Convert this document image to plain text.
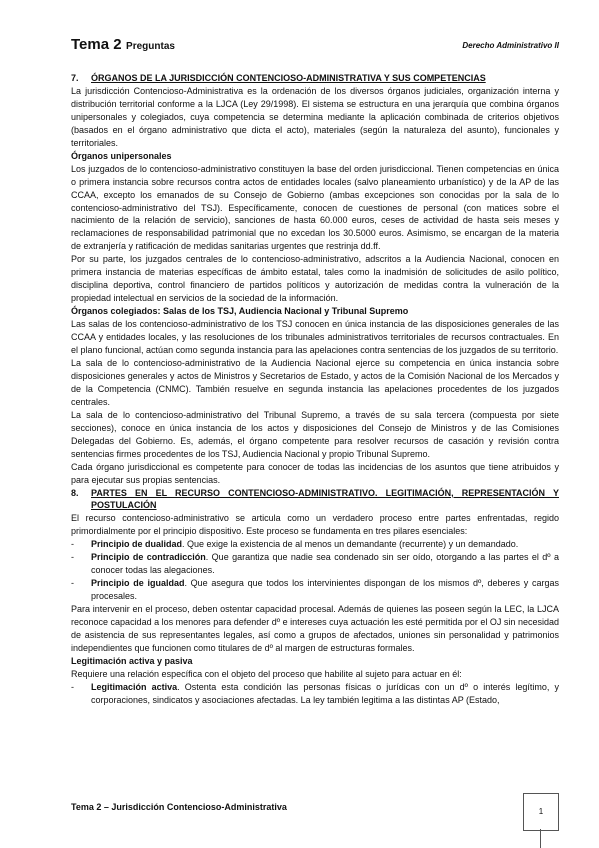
Tema 2 Preguntas	Derecho Administrativo II

7. ÓRGANOS DE LA JURISDICCIÓN CONTENCIOSO-ADMINISTRATIVA Y SUS COMPETENCIAS

La jurisdicción Contencioso-Administrativa es la ordenación de los diversos órganos judiciales, organización interna y distribución territorial conforme a la LJCA (Ley 29/1998). El sistema se estructura en una jerarquía que combina órganos unipersonales y colegiados, cuya competencia se determina mediante la aplicación combinada de criterios objetivos (basados en el órgano administrativo que dicta el acto), materiales (según la naturaleza del asunto), funcionales y territoriales.

Órganos unipersonales

Los juzgados de lo contencioso-administrativo constituyen la base del orden jurisdiccional. Tienen competencias en única o primera instancia sobre recursos contra actos de entidades locales (salvo planeamiento urbanístico) y de la AP de las CCAA, excepto los emanados de su Consejo de Gobierno (ambas excepciones son conocidas por la sala de lo contencioso-administrativo del TSJ). Específicamente, conocen de cuestiones de personal (con matices sobre el nacimiento de la relación de servicio), sanciones de hasta 60.000 euros, ceses de actividad de hasta seis meses y reclamaciones de responsabilidad patrimonial que no excedan los 30.5000 euros. Asimismo, se encargan de la materia de extranjería y ratificación de medidas sanitarias urgentes que restrinja dd.ff.

Por su parte, los juzgados centrales de lo contencioso-administrativo, adscritos a la Audiencia Nacional, conocen en primera instancia de materias específicas de ámbito estatal, tales como la inadmisión de solicitudes de asilo político, disciplina deportiva, control financiero de partidos políticos y autorización de medidas contra la vulneración de la propiedad intelectual en servicios de la sociedad de la información.

Órganos colegiados: Salas de los TSJ, Audiencia Nacional y Tribunal Supremo

Las salas de los contencioso-administrativo de los TSJ conocen en única instancia de las disposiciones generales de las CCAA y entidades locales, y las resoluciones de los tribunales administrativos territoriales de recursos contractuales. En el plano funcional, actúan como segunda instancia para las apelaciones contra sentencias de los juzgados de su territorio.

La sala de lo contencioso-administrativo de la Audiencia Nacional ejerce su competencia en única instancia sobre disposiciones generales y actos de Ministros y Secretarios de Estado, y actos de la Comisión Nacional de los Mercados y de la Competencia (CNMC). También resuelve en segunda instancia las apelaciones procedentes de los juzgados centrales.

La sala de lo contencioso-administrativo del Tribunal Supremo, a través de su sala tercera (compuesta por siete secciones), conoce en única instancia de los actos y disposiciones del Consejo de Ministros y de las Comisiones Delegadas del Gobierno. Es, además, el órgano competente para resolver recursos de casación y revisión contra sentencias firmes procedentes de los TSJ, Audiencia Nacional y propio Tribunal Supremo.

Cada órgano jurisdiccional es competente para conocer de todas las incidencias de los asuntos que tiene atribuidos y para ejecutar sus propias sentencias.

8.	PARTES EN EL RECURSO CONTENCIOSO-ADMINISTRATIVO. LEGITIMACIÓN, REPRESENTACIÓN Y POSTULACIÓN

El recurso contencioso-administrativo se articula como un verdadero proceso entre partes enfrentadas, regido primordialmente por el principio dispositivo. Este proceso se fundamenta en tres pilares esenciales:

-	Principio de dualidad. Que exige la existencia de al menos un demandante (recurrente) y un demandado.
-	Principio de contradicción. Que garantiza que nadie sea condenado sin ser oído, otorgando a las partes el dº a conocer todas las alegaciones.
-	Principio de igualdad. Que asegura que todos los intervinientes dispongan de los mismos dº, deberes y cargas procesales.

Para intervenir en el proceso, deben ostentar capacidad procesal. Además de quienes las poseen según la LEC, la LJCA reconoce capacidad a los menores para defender dº e intereses cuya actuación les esté permitida por el OJ sin necesidad de asistencia de sus representantes legales, así como a grupos de afectados, uniones sin personalidad y patrimonios independientes que funcionen como titulares de dº al margen de estructuras formales.

Legitimación activa y pasiva

Requiere una relación específica con el objeto del proceso que habilite al sujeto para actuar en él:

-	Legitimación activa. Ostenta esta condición las personas físicas o jurídicas con un dº o interés legítimo, y corporaciones, sindicatos y asociaciones afectadas. La ley también legitima a las distintas AP (Estado,
Tema 2 – Jurisdicción Contencioso-Administrativa	1
